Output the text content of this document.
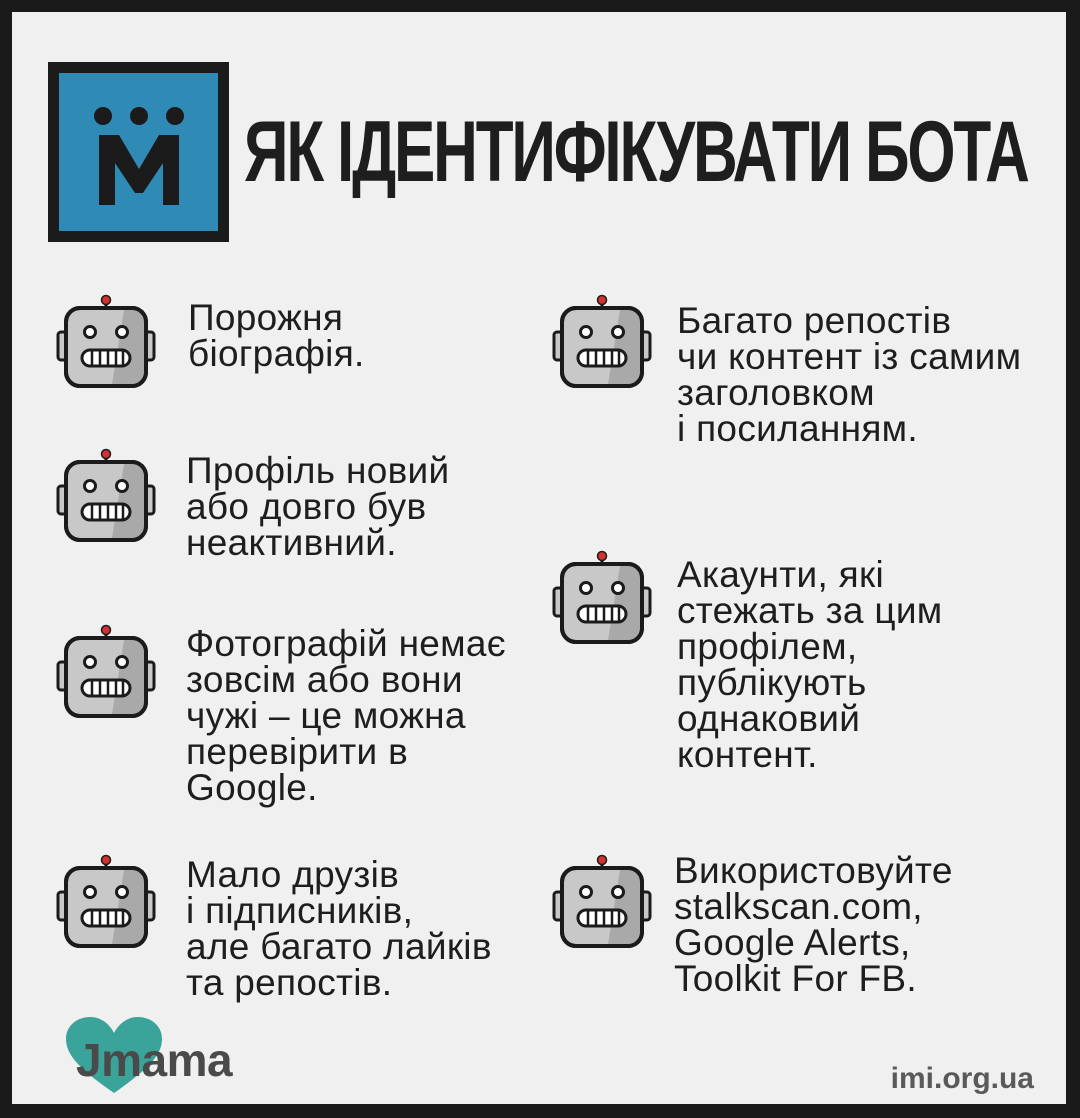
ЯК ІДЕНТИФІКУВАТИ БОТА
Порожня
біографія.
Профіль новий
або довго був
неактивний.
Фотографій немає
зовсім або вони
чужі – це можна
перевірити в
Google.
Мало друзів
і підписників,
але багато лайків
та репостів.
Багато репостів
чи контент із самим
заголовком
і посиланням.
Акаунти, які
стежать за цим
профілем,
публікують
однаковий
контент.
Використовуйте
stalkscan.com,
Google Alerts,
Toolkit For FB.
Jmama	imi.org.ua
